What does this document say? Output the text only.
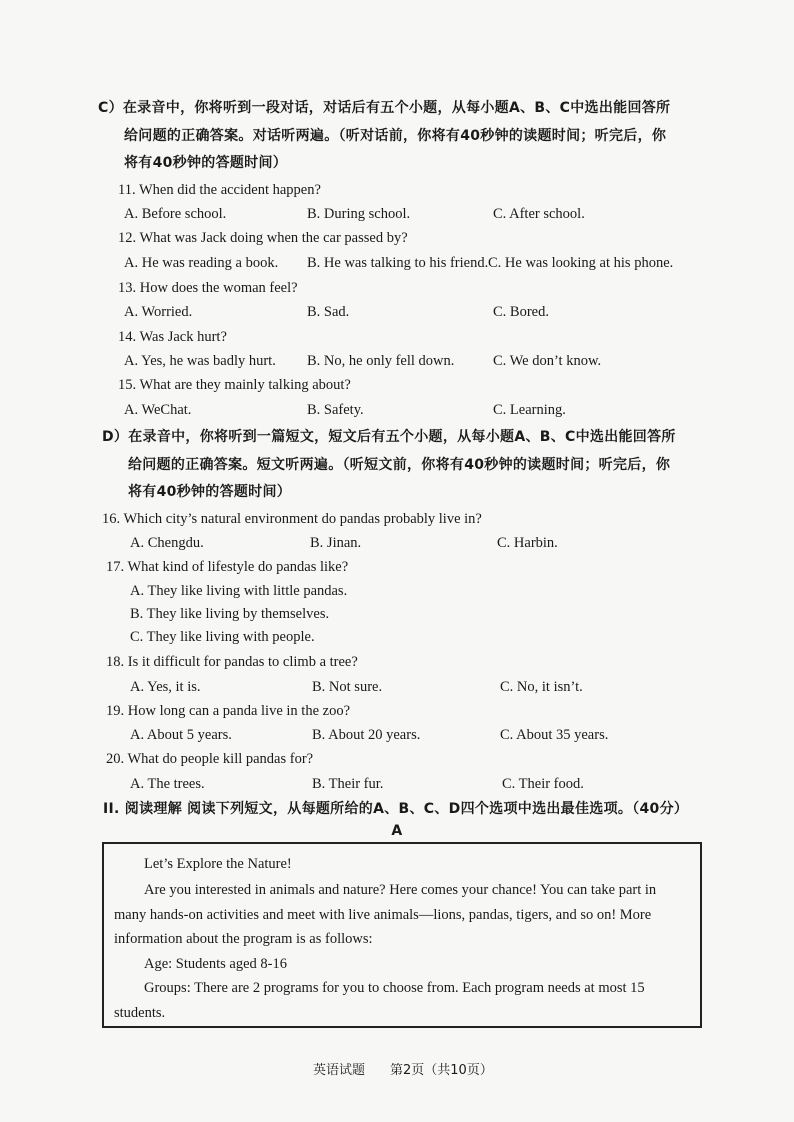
C）在录音中，你将听到一段对话，对话后有五个小题，从每小题A、B、C中选出能回答所
给问题的正确答案。对话听两遍。（听对话前，你将有40秒钟的读题时间；听完后，你
将有40秒钟的答题时间）
11. When did the accident happen?
A. Before school.	B. During school.	C. After school.
12. What was Jack doing when the car passed by?
A. He was reading a book. B. He was talking to his friend. C. He was looking at his phone.
13. How does the woman feel?
A. Worried.	B. Sad.	C. Bored.
14. Was Jack hurt?
A. Yes, he was badly hurt. B. No, he only fell down.	C. We don’t know.
15. What are they mainly talking about?
A. WeChat.	B. Safety.	C. Learning.
D）在录音中，你将听到一篇短文，短文后有五个小题，从每小题A、B、C中选出能回答所
给问题的正确答案。短文听两遍。（听短文前，你将有40秒钟的读题时间；听完后，你
将有40秒钟的答题时间）
16. Which city’s natural environment do pandas probably live in?
A. Chengdu.	B. Jinan.	C. Harbin.
17. What kind of lifestyle do pandas like?
A. They like living with little pandas.
B. They like living by themselves.
C. They like living with people.
18. Is it difficult for pandas to climb a tree?
A. Yes, it is.	B. Not sure.	C. No, it isn’t.
19. How long can a panda live in the zoo?
A. About 5 years.	B. About 20 years.	C. About 35 years.
20. What do people kill pandas for?
A. The trees.	B. Their fur.	C. Their food.
II. 阅读理解 阅读下列短文，从每题所给的A、B、C、D四个选项中选出最佳选项。（40分）
A
Let’s Explore the Nature!
Are you interested in animals and nature? Here comes your chance! You can take part in
many hands-on activities and meet with live animals—lions, pandas, tigers, and so on! More
information about the program is as follows:
Age: Students aged 8-16
Groups: There are 2 programs for you to choose from. Each program needs at most 15
students.
英语试题 第2页（共10页）
